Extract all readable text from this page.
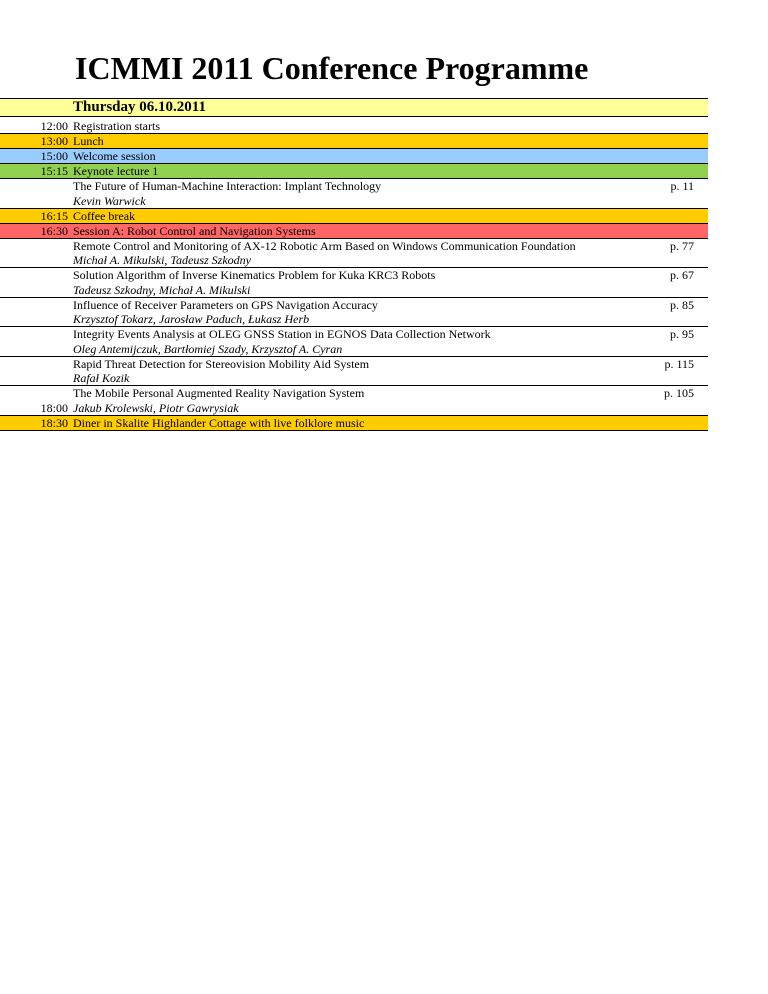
ICMMI 2011 Conference Programme
Thursday 06.10.2011
12:00 Registration starts
13:00 Lunch
15:00 Welcome session
15:15 Keynote lecture 1
The Future of Human-Machine Interaction: Implant Technology	p. 11
Kevin Warwick
16:15 Coffee break
16:30 Session A: Robot Control and Navigation Systems
Remote Control and Monitoring of AX-12 Robotic Arm Based on Windows Communication Foundation	p. 77
Michał A. Mikulski, Tadeusz Szkodny
Solution Algorithm of Inverse Kinematics Problem for Kuka KRC3 Robots	p. 67
Tadeusz Szkodny, Michał A. Mikulski
Influence of Receiver Parameters on GPS Navigation Accuracy	p. 85
Krzysztof Tokarz, Jarosław Paduch, Łukasz Herb
Integrity Events Analysis at OLEG GNSS Station in EGNOS Data Collection Network	p. 95
Oleg Antemijczuk, Bartłomiej Szady, Krzysztof A. Cyran
Rapid Threat Detection for Stereovision Mobility Aid System	p. 115
Rafał Kozik
The Mobile Personal Augmented Reality Navigation System	p. 105
18:00 Jakub Krolewski, Piotr Gawrysiak
18:30 Diner in Skalite Highlander Cottage with live folklore music
